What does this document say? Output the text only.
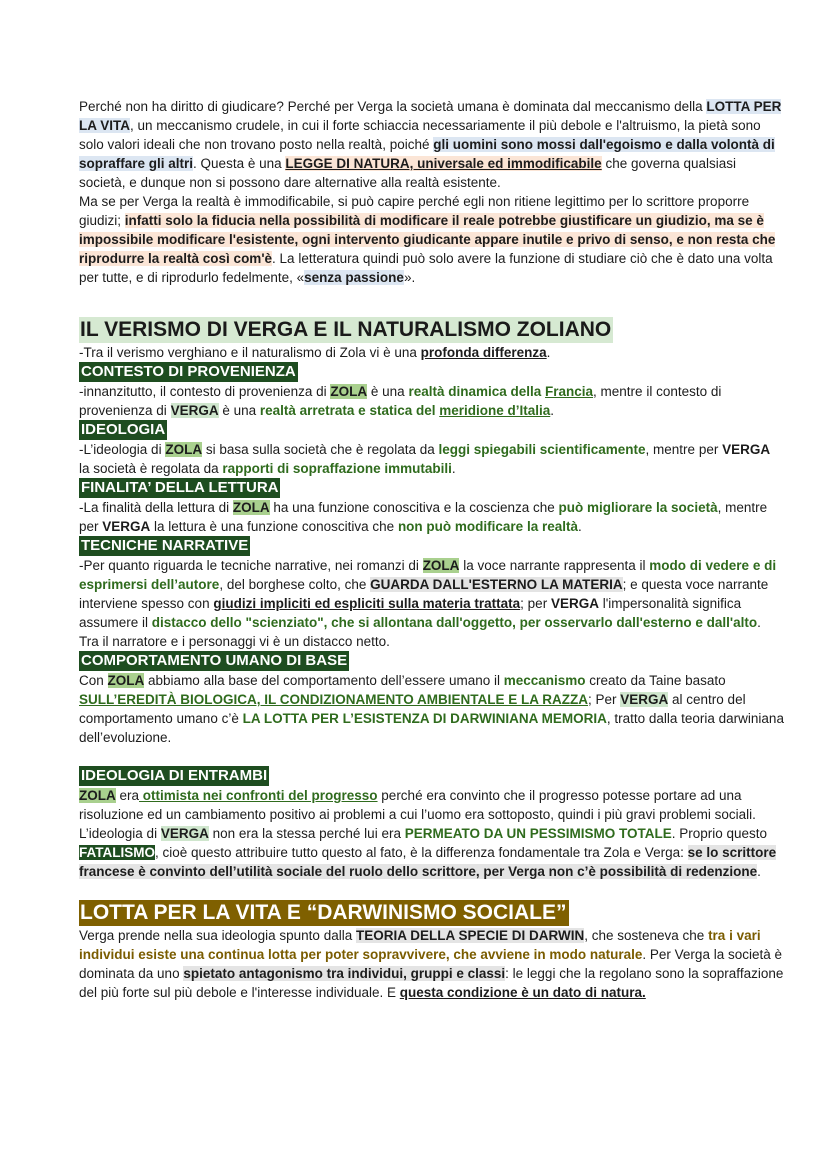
Perché non ha diritto di giudicare? Perché per Verga la società umana è dominata dal meccanismo della LOTTA PER LA VITA, un meccanismo crudele, in cui il forte schiaccia necessariamente il più debole e l'altruismo, la pietà sono solo valori ideali che non trovano posto nella realtà, poiché gli uomini sono mossi dall'egoismo e dalla volontà di sopraffare gli altri. Questa è una LEGGE DI NATURA, universale ed immodificabile che governa qualsiasi società, e dunque non si possono dare alternative alla realtà esistente.

Ma se per Verga la realtà è immodificabile, si può capire perché egli non ritiene legittimo per lo scrittore proporre giudizi; infatti solo la fiducia nella possibilità di modificare il reale potrebbe giustificare un giudizio, ma se è impossibile modificare l'esistente, ogni intervento giudicante appare inutile e privo di senso, e non resta che riprodurre la realtà così com'è. La letteratura quindi può solo avere la funzione di studiare ciò che è dato una volta per tutte, e di riprodurlo fedelmente, «senza passione».

IL VERISMO DI VERGA E IL NATURALISMO ZOLIANO

-Tra il verismo verghiano e il naturalismo di Zola vi è una profonda differenza.

CONTESTO DI PROVENIENZA

-innanzitutto, il contesto di provenienza di ZOLA è una realtà dinamica della Francia, mentre il contesto di provenienza di VERGA è una realtà arretrata e statica del meridione d’Italia.

IDEOLOGIA

-L’ideologia di ZOLA si basa sulla società che è regolata da leggi spiegabili scientificamente, mentre per VERGA la società è regolata da rapporti di sopraffazione immutabili.

FINALITA’ DELLA LETTURA

-La finalità della lettura di ZOLA ha una funzione conoscitiva e la coscienza che può migliorare la società, mentre per VERGA la lettura è una funzione conoscitiva che non può modificare la realtà.

TECNICHE NARRATIVE

-Per quanto riguarda le tecniche narrative, nei romanzi di ZOLA la voce narrante rappresenta il modo di vedere e di esprimersi dell’autore, del borghese colto, che GUARDA DALL'ESTERNO LA MATERIA; e questa voce narrante interviene spesso con giudizi impliciti ed espliciti sulla materia trattata; per VERGA l'impersonalità significa assumere il distacco dello "scienziato", che si allontana dall'oggetto, per osservarlo dall'esterno e dall'alto. Tra il narratore e i personaggi vi è un distacco netto.

COMPORTAMENTO UMANO DI BASE

Con ZOLA abbiamo alla base del comportamento dell’essere umano il meccanismo creato da Taine basato SULL’EREDITÀ BIOLOGICA, IL CONDIZIONAMENTO AMBIENTALE E LA RAZZA; Per VERGA al centro del comportamento umano c’è LA LOTTA PER L’ESISTENZA DI DARWINIANA MEMORIA, tratto dalla teoria darwiniana dell’evoluzione.

IDEOLOGIA DI ENTRAMBI

ZOLA era ottimista nei confronti del progresso perché era convinto che il progresso potesse portare ad una risoluzione ed un cambiamento positivo ai problemi a cui l’uomo era sottoposto, quindi i più gravi problemi sociali. L’ideologia di VERGA non era la stessa perché lui era PERMEATO DA UN PESSIMISMO TOTALE. Proprio questo FATALISMO, cioè questo attribuire tutto questo al fato, è la differenza fondamentale tra Zola e Verga: se lo scrittore francese è convinto dell’utilità sociale del ruolo dello scrittore, per Verga non c’è possibilità di redenzione.

LOTTA PER LA VITA E “DARWINISMO SOCIALE”

Verga prende nella sua ideologia spunto dalla TEORIA DELLA SPECIE DI DARWIN, che sosteneva che tra i vari individui esiste una continua lotta per poter sopravvivere, che avviene in modo naturale. Per Verga la società è dominata da uno spietato antagonismo tra individui, gruppi e classi: le leggi che la regolano sono la sopraffazione del più forte sul più debole e l'interesse individuale. E questa condizione è un dato di natura.
